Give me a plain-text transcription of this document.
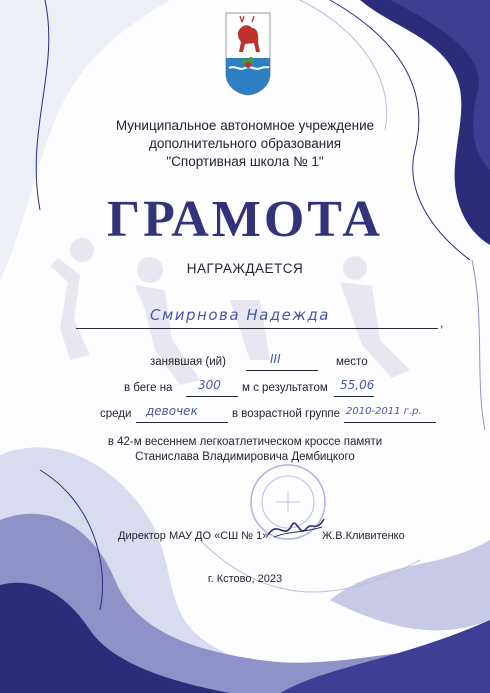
Муниципальное автономное учреждение
дополнительного образования
"Спортивная школа № 1"
ГРАМОТА
НАГРАЖДАЕТСЯ
Смирнова Надежда	,
занявшая (ий)	III	место
в беге на 300 м с результатом 55,06
среди девочек	в возрастной группе 2010-2011 г.р.
в 42-м весеннем легкоатлетическом кроссе памяти
Станислава Владимировича Дембицкого
Директор МАУ ДО «СШ № 1»	Ж.В.Кливитенко
г. Кстово, 2023
